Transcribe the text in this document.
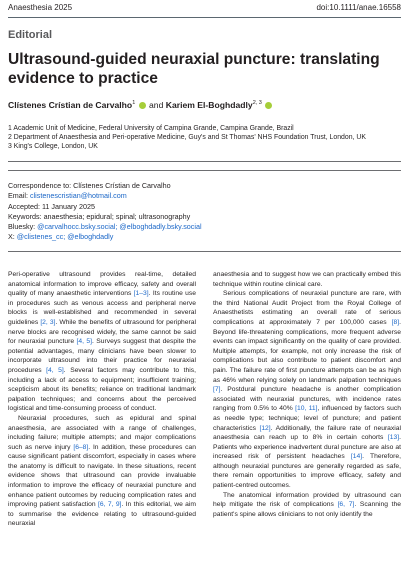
Anaesthesia 2025	doi:10.1111/anae.16558
Editorial
Ultrasound-guided neuraxial puncture: translating evidence to practice
Clístenes Crístian de Carvalho$^1$ and Kariem El-Boghdadly$^{2, 3}$
1 Academic Unit of Medicine, Federal University of Campina Grande, Campina Grande, Brazil
2 Department of Anaesthesia and Peri-operative Medicine, Guy's and St Thomas' NHS Foundation Trust, London, UK
3 King's College, London, UK
Correspondence to: Clístenes Crístian de Carvalho
Email: clistenescristian@hotmail.com
Accepted: 11 January 2025
Keywords: anaesthesia; epidural; spinal; ultrasonography
Bluesky: @carvalhocc.bsky.social; @elboghdadly.bsky.social
X: @clistenes_cc; @elboghdadly

Peri-operative ultrasound provides real-time, detailed anatomical information to improve efficacy, safety and overall quality of many anaesthetic interventions [1–3]. Its routine use in procedures such as venous access and peripheral nerve blocks is well-established and recommended in several guidelines [2, 3]. While the benefits of ultrasound for peripheral nerve blocks are recognised widely, the same cannot be said for neuraxial puncture [4, 5]. Surveys suggest that despite the potential advantages, many clinicians have been slower to incorporate ultrasound into their practice for neuraxial procedures [4, 5]. Several factors may contribute to this, including a lack of access to equipment; insufficient training; scepticism about its benefits; reliance on traditional landmark palpation techniques; and concerns about the perceived logistical and time-consuming process of conduct.

Neuraxial procedures, such as epidural and spinal anaesthesia, are associated with a range of challenges, including failure; multiple attempts; and major complications such as nerve injury [6–8]. In addition, these procedures can cause significant patient discomfort, especially in cases where the anatomy is difficult to navigate. In these situations, recent evidence shows that ultrasound can provide invaluable information to improve the efficacy of neuraxial puncture and enhance patient outcomes by reducing complication rates and improving patient satisfaction [6, 7, 9]. In this editorial, we aim to summarise the evidence relating to ultrasound-guided neuraxial

anaesthesia and to suggest how we can practically embed this technique within routine clinical care.

Serious complications of neuraxial puncture are rare, with the third National Audit Project from the Royal College of Anaesthetists estimating an overall rate of serious complications at approximately 7 per 100,000 cases [8]. Beyond life-threatening complications, more frequent adverse events can impact significantly on the quality of care provided. Multiple attempts, for example, not only increase the risk of complications but also contribute to patient discomfort and pain. The failure rate of first puncture attempts can be as high as 46% when relying solely on landmark palpation techniques [7]. Postdural puncture headache is another complication associated with neuraxial punctures, with incidence rates ranging from 0.5% to 40% [10, 11], influenced by factors such as needle type; technique; level of puncture; and patient characteristics [12]. Additionally, the failure rate of neuraxial anaesthesia can reach up to 8% in certain cohorts [13]. Patients who experience inadvertent dural puncture are also at increased risk of persistent headaches [14]. Therefore, although neuraxial punctures are generally regarded as safe, there remain opportunities to improve efficacy, safety and patient-centred outcomes.

The anatomical information provided by ultrasound can help mitigate the risk of complications [6, 7]. Scanning the patient's spine allows clinicians to not only identify the
